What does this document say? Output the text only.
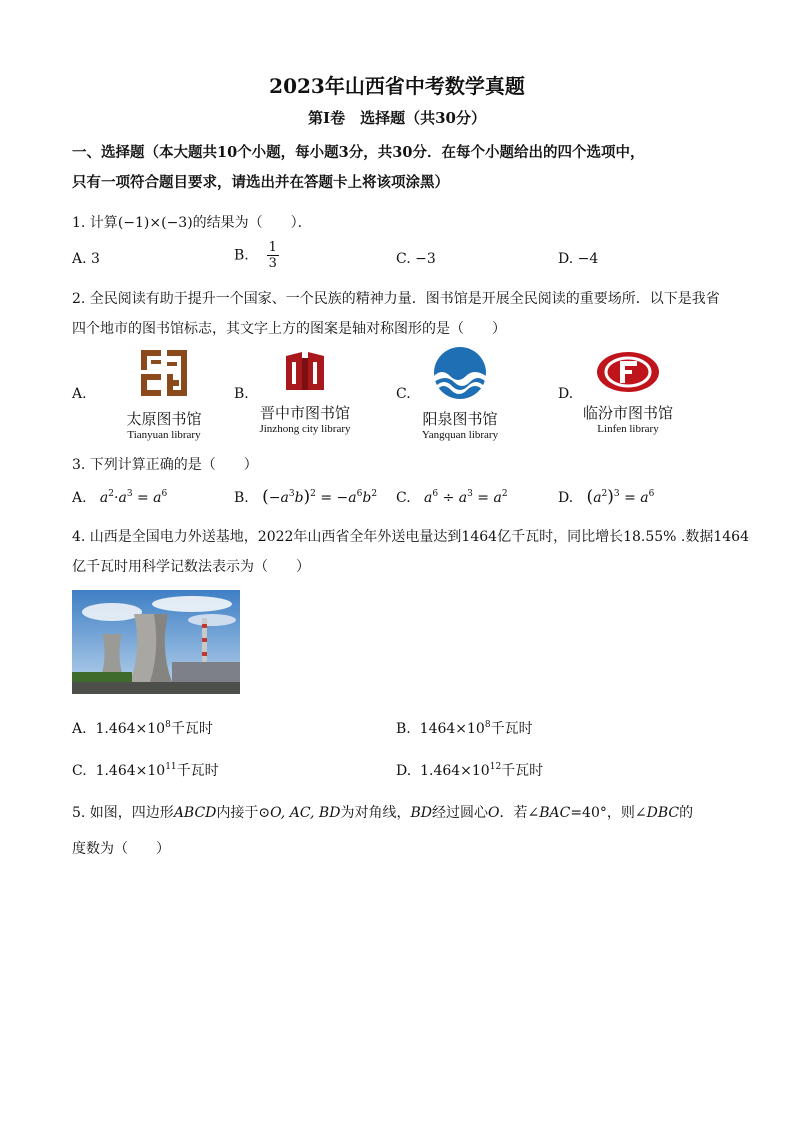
2023年山西省中考数学真题
第Ⅰ卷　选择题（共30分）
一、选择题（本大题共10个小题，每小题3分，共30分．在每个小题给出的四个选项中，
只有一项符合题目要求，请选出并在答题卡上将该项涂黑）
1. 计算(−1)×(−3)的结果为（　　）．
A. 3	B. $\frac{1}{3}$	C. −3	D. −4
2. 全民阅读有助于提升一个国家、一个民族的精神力量．图书馆是开展全民阅读的重要场所．以下是我省
四个地市的图书馆标志，其文字上方的图案是轴对称图形的是（　　）
A.
太原图书馆
Tianyuan library
B.
晋中市图书馆
Jinzhong city library
C.
阳泉图书馆
Yangquan library
D.
临汾市图书馆
Linfen library
3. 下列计算正确的是（　　）
A. $a^2\cdot a^3 = a^6$	B. $(-a^3b)^2 = -a^6b^2$ C. $a^6 \div a^3 = a^2$	D. $(a^2)^3 = a^6$
4. 山西是全国电力外送基地，2022年山西省全年外送电量达到1464亿千瓦时，同比增长18.55% .数据1464
亿千瓦时用科学记数法表示为（　　）
A. $1.464\times 10^8$千瓦时	B. $1464\times 10^8$千瓦时
C. $1.464\times 10^{11}$千瓦时	D. $1.464\times 10^{12}$千瓦时
5. 如图，四边形ABCD内接于⊙O, AC, BD为对角线，BD经过圆心O．若∠BAC=40°，则∠DBC的
度数为（　　）
